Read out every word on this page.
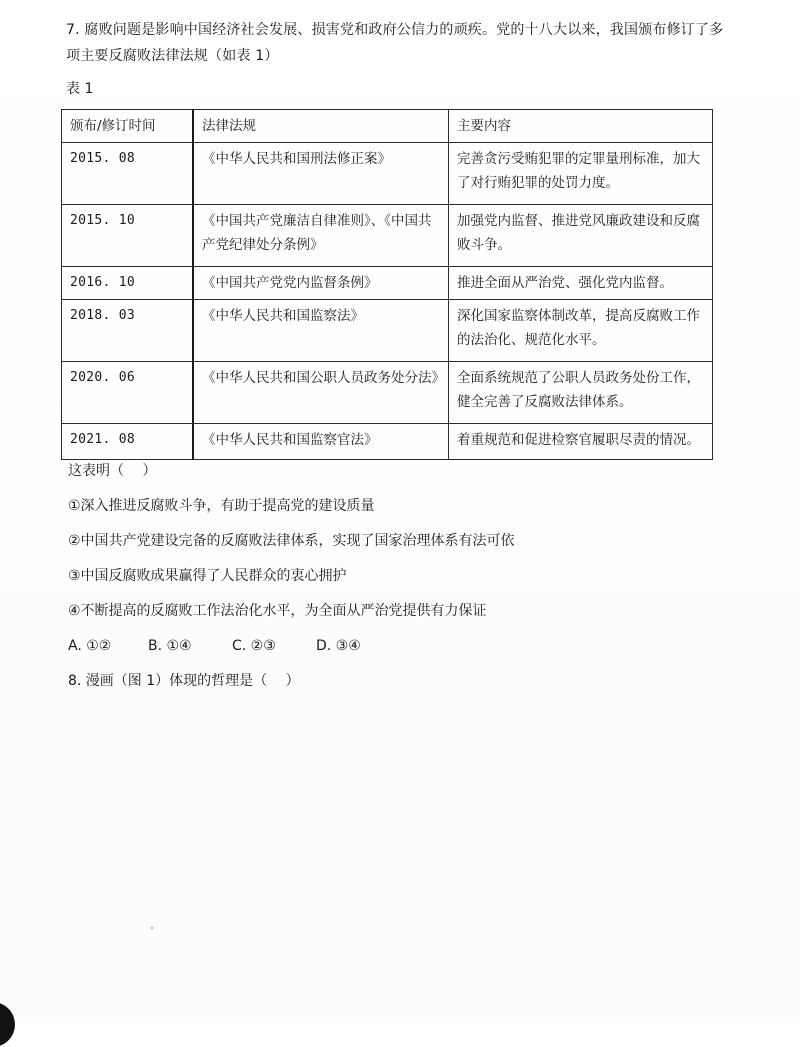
7. 腐败问题是影响中国经济社会发展、损害党和政府公信力的顽疾。党的十八大以来，我国颁布修订了多项主要反腐败法律法规（如表 1）
表 1
颁布/修订时间	法律法规	主要内容
2015. 08	《中华人民共和国刑法修正案》	完善贪污受贿犯罪的定罪量刑标准，加大了对行贿犯罪的处罚力度。
2015. 10	《中国共产党廉洁自律准则》、《中国共产党纪律处分条例》	加强党内监督、推进党风廉政建设和反腐败斗争。
2016. 10	《中国共产党党内监督条例》	推进全面从严治党、强化党内监督。
2018. 03	《中华人民共和国监察法》	深化国家监察体制改革，提高反腐败工作的法治化、规范化水平。
2020. 06	《中华人民共和国公职人员政务处分法》	全面系统规范了公职人员政务处份工作，健全完善了反腐败法律体系。
2021. 08	《中华人民共和国监察官法》	着重规范和促进检察官履职尽责的情况。
这表明（　 ）
①深入推进反腐败斗争，有助于提高党的建设质量
②中国共产党建设完备的反腐败法律体系，实现了国家治理体系有法可依
③中国反腐败成果赢得了人民群众的衷心拥护
④不断提高的反腐败工作法治化水平，为全面从严治党提供有力保证
A. ①②	B. ①④	C. ②③	D. ③④
8. 漫画（图 1）体现的哲理是（　 ）
